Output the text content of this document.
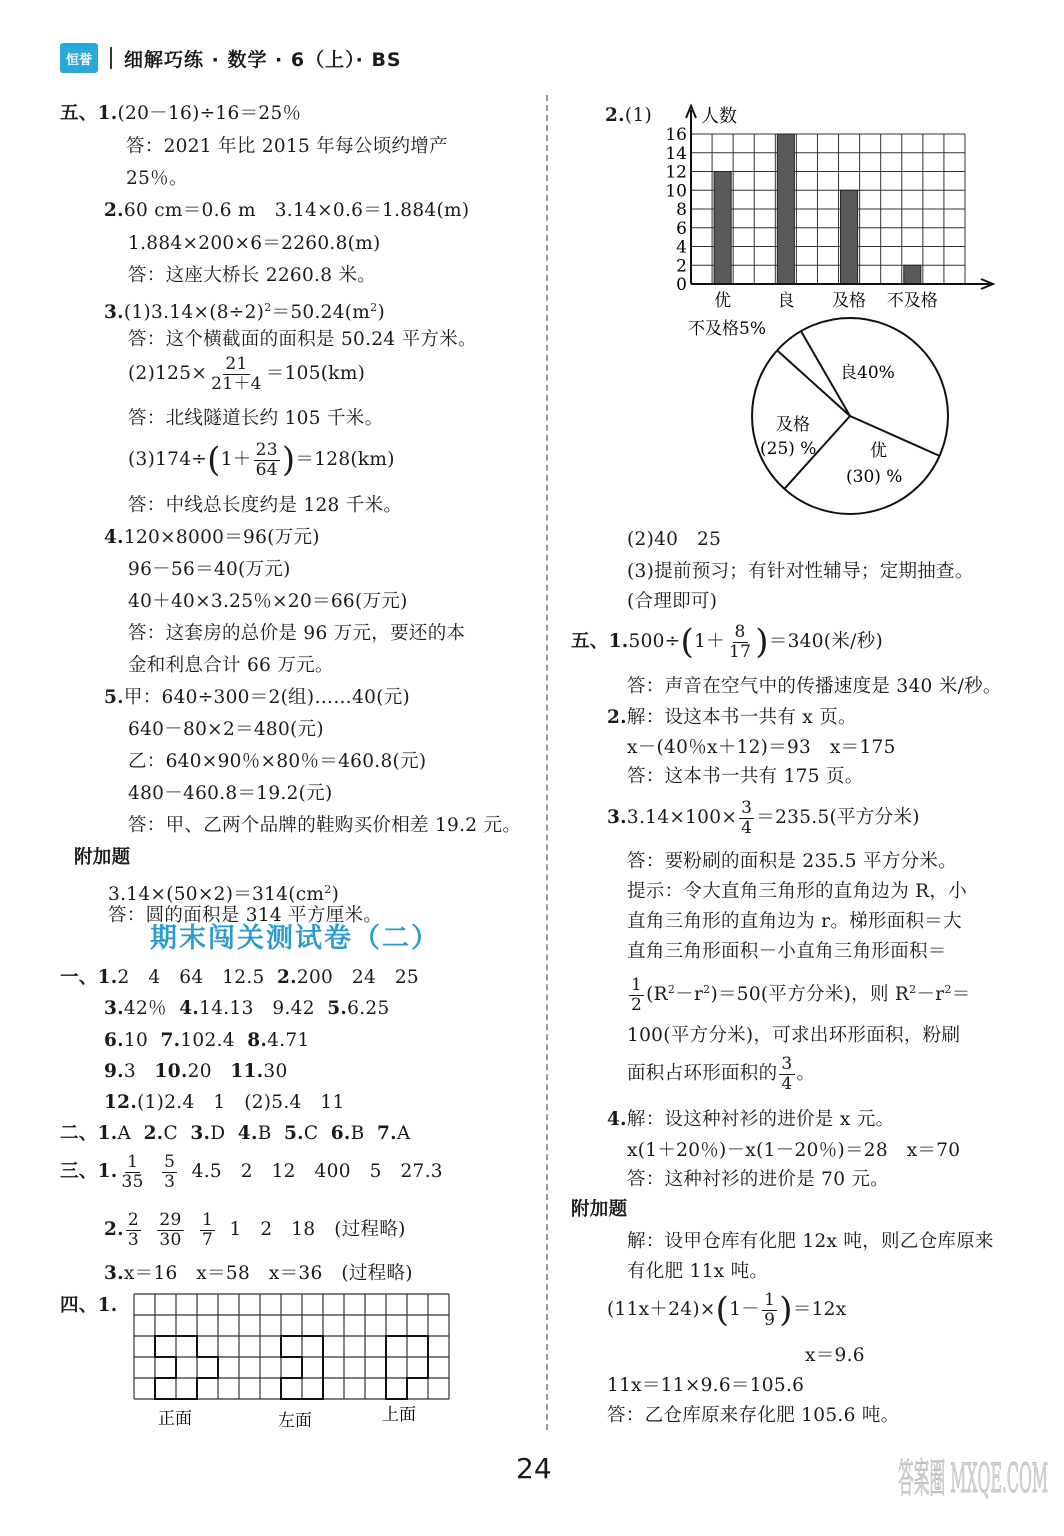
恒誉 细解巧练 · 数学 · 6（上）· BS
五、1.(20－16)÷16＝25％
答：2021 年比 2015 年每公顷约增产
25％。
2.60 cm＝0.6 m　3.14×0.6＝1.884(m)
1.884×200×6＝2260.8(m)
答：这座大桥长 2260.8 米。
$3.(1)3.14\times(8\div 2)^2=50.24(m^2)$
答：这个横截面的面积是 50.24 平方米。
$(2)125\times \frac{21}{21+4} =105(km)$
答：北线隧道长约 105 千米。
$(3)174\div(1+ \frac{23}{64} )=128(km)$
答：中线总长度约是 128 千米。
4.120×8000＝96(万元)
96－56＝40(万元)
40＋40×3.25％×20＝66(万元)
答：这套房的总价是 96 万元，要还的本
金和利息合计 66 万元。
5.甲：640÷300＝2(组)……40(元)
640－80×2＝480(元)
乙：640×90％×80％＝460.8(元)
480－460.8＝19.2(元)
答：甲、乙两个品牌的鞋购买价相差 19.2 元。
附加题
$3.14\times(50\times 2)=314(cm^2)$
答：圆的面积是 314 平方厘米。
期末闯关测试卷（二）
一、1.2　4　64　12.5 2.200　24　25
3.42％ 4.14.13　9.42 5.6.25
6.10 7.102.4 8.4.71
9.3 10.20 11.30
12.(1)2.4　1　(2)5.4　11
二、1.A 2.C 3.D 4.B 5.C 6.B 7.A
三、1. $\frac{1}{35}$
$\frac{5}{3} 4.5$　2　12　400　5　27.3
2. $\frac{2}{3}$
$\frac{29}{30}$
$\frac{1}{7} 1$　2　18　(过程略)
3.x＝16　x＝58　x＝36　(过程略)
四、1.
正面	左面	上面
2.(1)
0
2
4
6
8
10
12
14
16
优	良 及格 不及格
人数
良40%
优
(30) %
及格
(25) %
不及格5%
(2)40　25
(3)提前预习；有针对性辅导；定期抽查。
(合理即可)
五、$1.500\div(1+ \frac{8}{17} )=340$(米/秒)
答：声音在空气中的传播速度是 340 米/秒。
2.解：设这本书一共有 x 页。
x－(40％x＋12)＝93　x＝175
答：这本书一共有 175 页。
$3.3.14\times 100\times \frac{3}{4} =235.5$(平方分米)
答：要粉刷的面积是 235.5 平方分米。
提示：令大直角三角形的直角边为 R，小
直角三角形的直角边为 r。梯形面积＝大
直角三角形面积－小直角三角形面积＝
$\frac{1}{2} (R^2-r^2)=50$(平方分米)，则 $R^2-r^2=$
100(平方分米)，可求出环形面积，粉刷
面积占环形面积的 $\frac{3}{4}$ 。
4.解：设这种衬衫的进价是 x 元。
x(1＋20％)－x(1－20％)＝28　x＝70
答：这种衬衫的进价是 70 元。
附加题
解：设甲仓库有化肥 12x 吨，则乙仓库原来
有化肥 11x 吨。
$(11x+24)\times(1- \frac{1}{9} )=12x$
x＝9.6
11x＝11×9.6＝105.6
答：乙仓库原来存化肥 105.6 吨。
24	答案圈 MXQE.COM
